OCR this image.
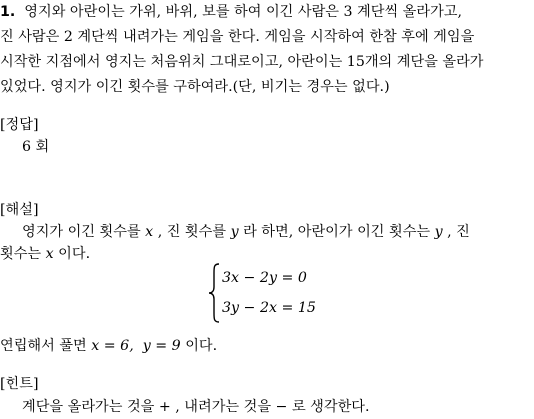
1. 영지와 아란이는 가위, 바위, 보를 하여 이긴 사람은 3 계단씩 올라가고,
진 사람은 2 계단씩 내려가는 게임을 한다. 게임을 시작하여 한참 후에 게임을
시작한 지점에서 영지는 처음위치 그대로이고, 아란이는 15개의 계단을 올라가
있었다. 영지가 이긴 횟수를 구하여라.(단, 비기는 경우는 없다.)
[정답]
6 회
[해설]
영지가 이긴 횟수를 x , 진 횟수를 y 라 하면, 아란이가 이긴 횟수는 y , 진
횟수는 x 이다.
3x − 2y = 0
3y − 2x = 15
연립해서 풀면 x = 6, y = 9 이다.
[힌트]
계단을 올라가는 것을 + , 내려가는 것을 − 로 생각한다.
